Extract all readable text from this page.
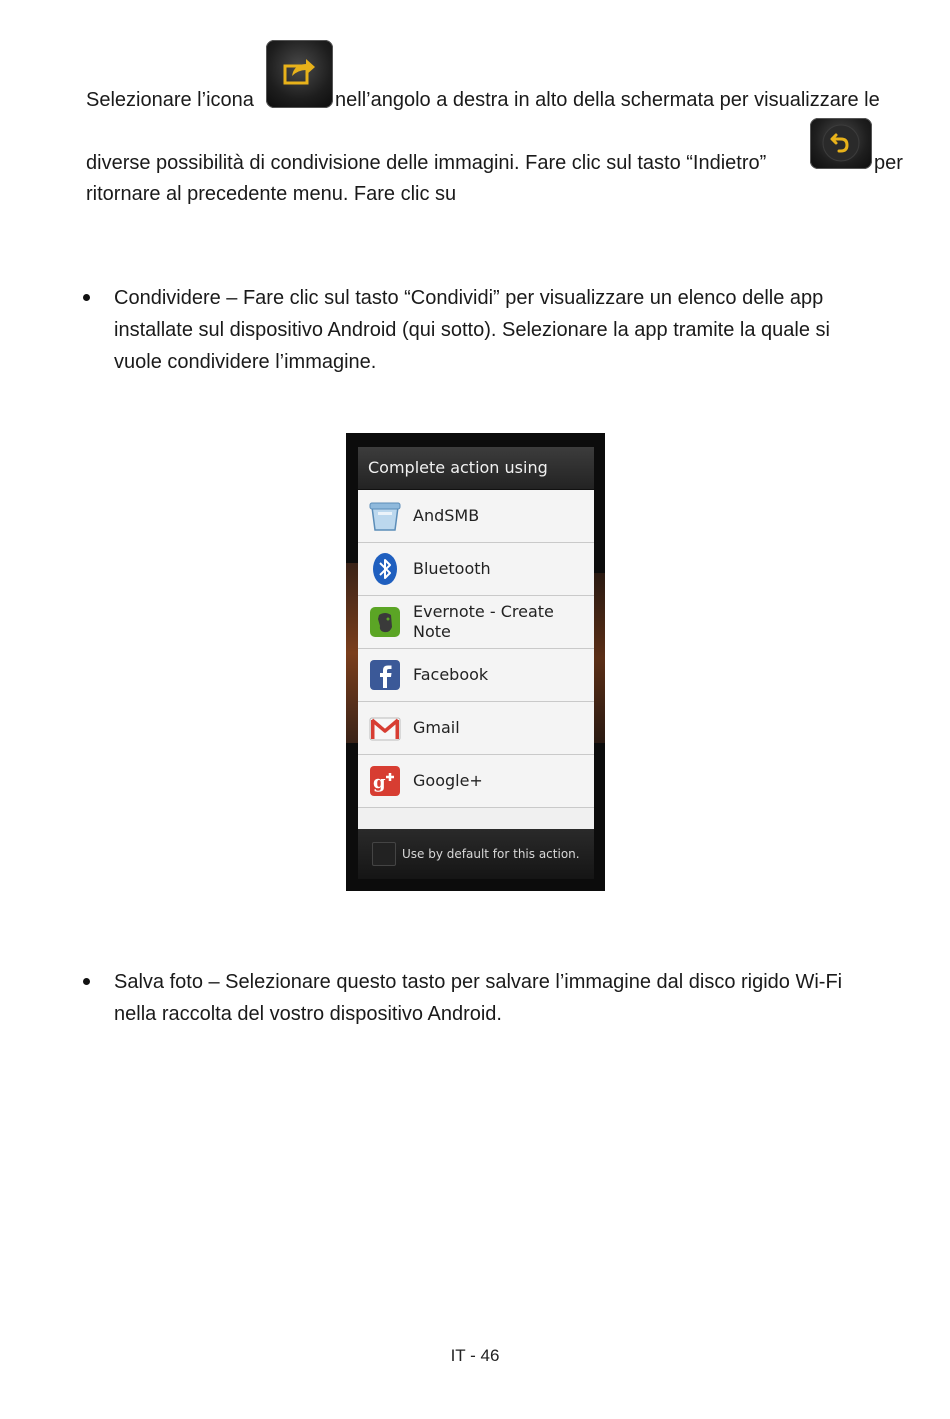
Selezionare l’icona	nell’angolo a destra in alto della schermata per visualizzare le
diverse possibilità di condivisione delle immagini. Fare clic sul tasto “Indietro”	per
ritornare al precedente menu. Fare clic su
Condividere – Fare clic sul tasto “Condividi” per visualizzare un elenco delle app
installate sul dispositivo Android (qui sotto). Selezionare la app tramite la quale si
vuole condividere l’immagine.
Complete action using
AndSMB
Bluetooth
Evernote - Create Note
Facebook
Gmail
g Google+
Use by default for this action.
Salva foto – Selezionare questo tasto per salvare l’immagine dal disco rigido Wi-Fi
nella raccolta del vostro dispositivo Android.
IT - 46
